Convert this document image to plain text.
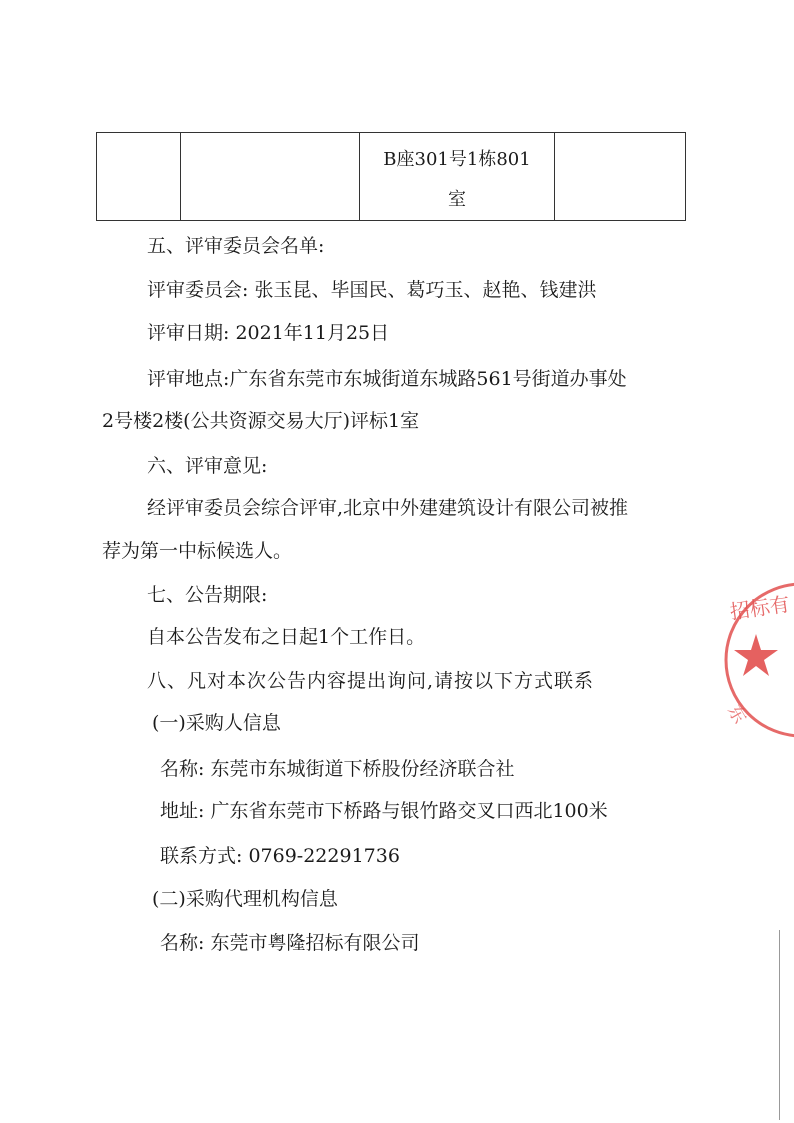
B座301号1栋801
室
五、评审委员会名单:
评审委员会: 张玉昆、毕国民、葛巧玉、赵艳、钱建洪
评审日期: 2021年11月25日
评审地点:广东省东莞市东城街道东城路561号街道办事处
2号楼2楼(公共资源交易大厅)评标1室
六、评审意见:
经评审委员会综合评审,北京中外建建筑设计有限公司被推
荐为第一中标候选人。
七、公告期限:
自本公告发布之日起1个工作日。
八、凡对本次公告内容提出询问,请按以下方式联系
(一)采购人信息
名称: 东莞市东城街道下桥股份经济联合社
地址: 广东省东莞市下桥路与银竹路交叉口西北100米
联系方式: 0769-22291736
(二)采购代理机构信息
名称: 东莞市粤隆招标有限公司
招标有
东
